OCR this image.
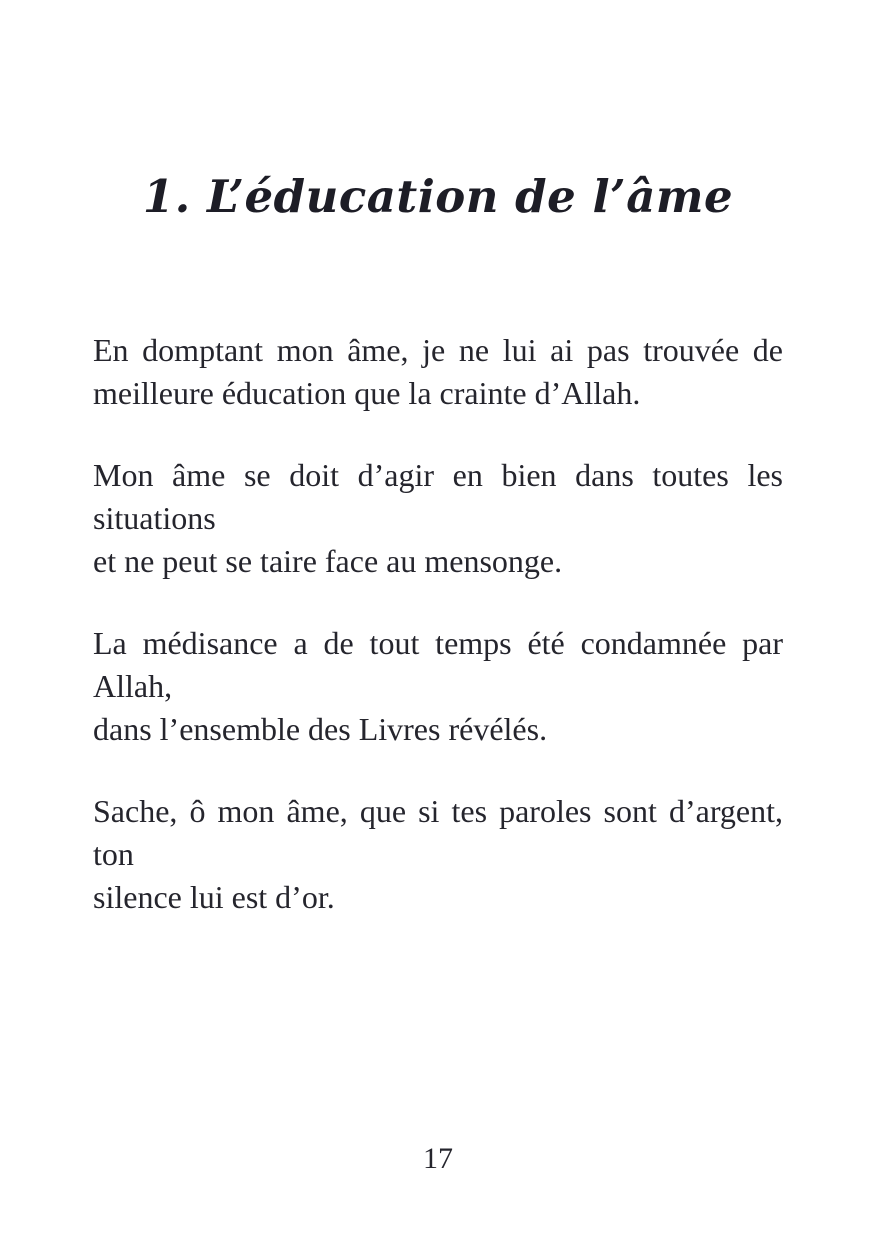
1. L’éducation de l’âme

En domptant mon âme, je ne lui ai pas trouvée de
meilleure éducation que la crainte d’Allah.

Mon âme se doit d’agir en bien dans toutes les situations
et ne peut se taire face au mensonge.

La médisance a de tout temps été condamnée par Allah,
dans l’ensemble des Livres révélés.

Sache, ô mon âme, que si tes paroles sont d’argent, ton
silence lui est d’or.

17
